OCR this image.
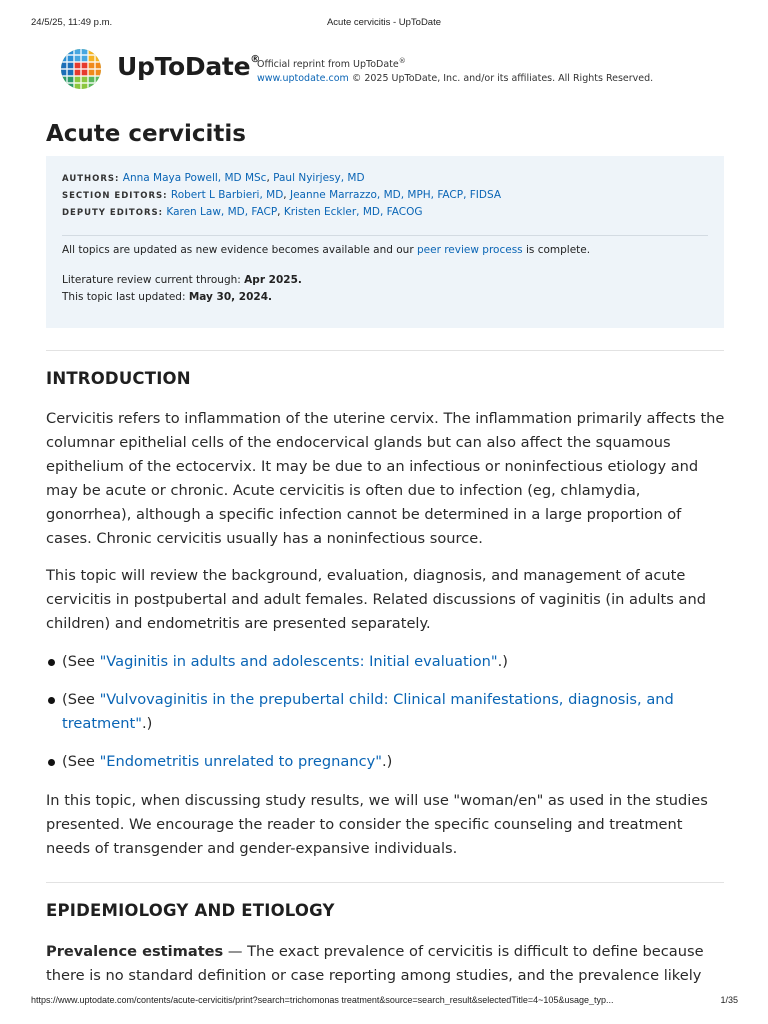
24/5/25, 11:49 p.m.	Acute cervicitis - UpToDate
UpToDate®
Official reprint from UpToDate®
www.uptodate.com © 2025 UpToDate, Inc. and/or its affiliates. All Rights Reserved.
Acute cervicitis
AUTHORS: Anna Maya Powell, MD MSc, Paul Nyirjesy, MD
SECTION EDITORS: Robert L Barbieri, MD, Jeanne Marrazzo, MD, MPH, FACP, FIDSA
DEPUTY EDITORS: Karen Law, MD, FACP, Kristen Eckler, MD, FACOG
All topics are updated as new evidence becomes available and our peer review process is complete.
Literature review current through: Apr 2025.
This topic last updated: May 30, 2024.
INTRODUCTION

Cervicitis refers to inflammation of the uterine cervix. The inflammation primarily affects the columnar epithelial cells of the endocervical glands but can also affect the squamous epithelium of the ectocervix. It may be due to an infectious or noninfectious etiology and may be acute or chronic. Acute cervicitis is often due to infection (eg, chlamydia, gonorrhea), although a specific infection cannot be determined in a large proportion of cases. Chronic cervicitis usually has a noninfectious source.

This topic will review the background, evaluation, diagnosis, and management of acute cervicitis in postpubertal and adult females. Related discussions of vaginitis (in adults and children) and endometritis are presented separately.

(See "Vaginitis in adults and adolescents: Initial evaluation".)
(See "Vulvovaginitis in the prepubertal child: Clinical manifestations, diagnosis, and treatment".)
(See "Endometritis unrelated to pregnancy".)

In this topic, when discussing study results, we will use "woman/en" as used in the studies presented. We encourage the reader to consider the specific counseling and treatment needs of transgender and gender-expansive individuals.

EPIDEMIOLOGY AND ETIOLOGY

Prevalence estimates — The exact prevalence of cervicitis is difficult to define because there is no standard definition or case reporting among studies, and the prevalence likely

https://www.uptodate.com/contents/acute-cervicitis/print?search=trichomonas treatment&source=search_result&selectedTitle=4~105&usage_typ...	1/35
